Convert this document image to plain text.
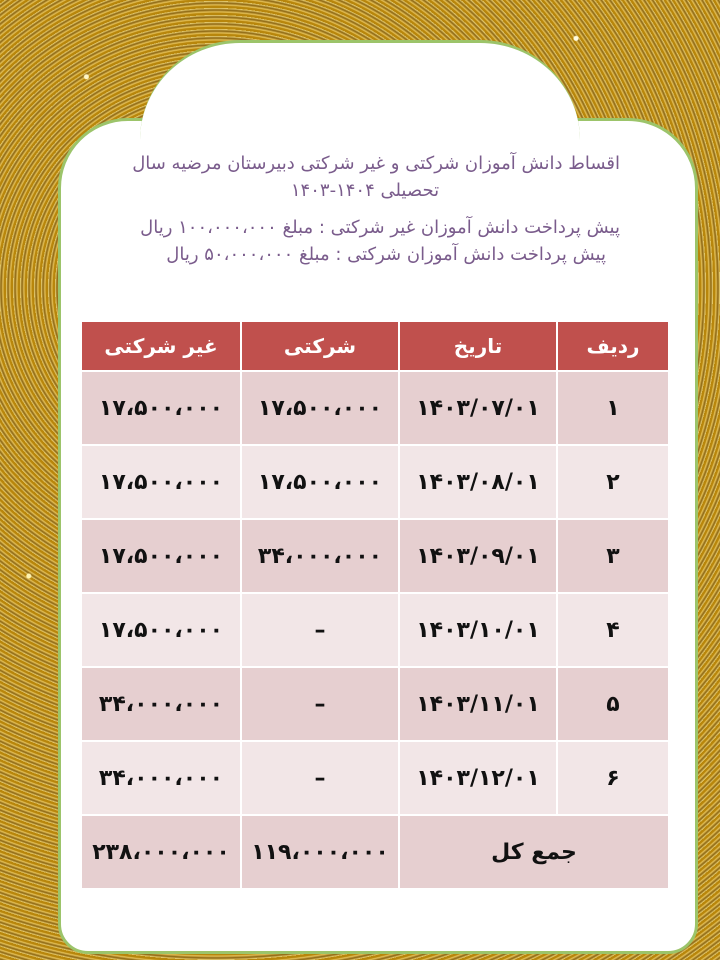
اقساط دانش آموزان شرکتی و غیر شرکتی دبیرستان مرضیه سال
تحصیلی ۱۴۰۴-۱۴۰۳
پیش پرداخت دانش آموزان غیر شرکتی : مبلغ ۱۰۰،۰۰۰،۰۰۰ ریال
پیش پرداخت دانش آموزان شرکتی : مبلغ ۵۰،۰۰۰،۰۰۰ ریال
ردیف	تاریخ	شرکتی	غیر شرکتی
۱	۱۴۰۳/۰۷/۰۱	۱۷،۵۰۰،۰۰۰	۱۷،۵۰۰،۰۰۰
۲	۱۴۰۳/۰۸/۰۱	۱۷،۵۰۰،۰۰۰	۱۷،۵۰۰،۰۰۰
۳	۱۴۰۳/۰۹/۰۱	۳۴،۰۰۰،۰۰۰	۱۷،۵۰۰،۰۰۰
۴	۱۴۰۳/۱۰/۰۱	–	۱۷،۵۰۰،۰۰۰
۵	۱۴۰۳/۱۱/۰۱	–	۳۴،۰۰۰،۰۰۰
۶	۱۴۰۳/۱۲/۰۱	–	۳۴،۰۰۰،۰۰۰
جمع کل		۱۱۹،۰۰۰،۰۰۰	۲۳۸،۰۰۰،۰۰۰
